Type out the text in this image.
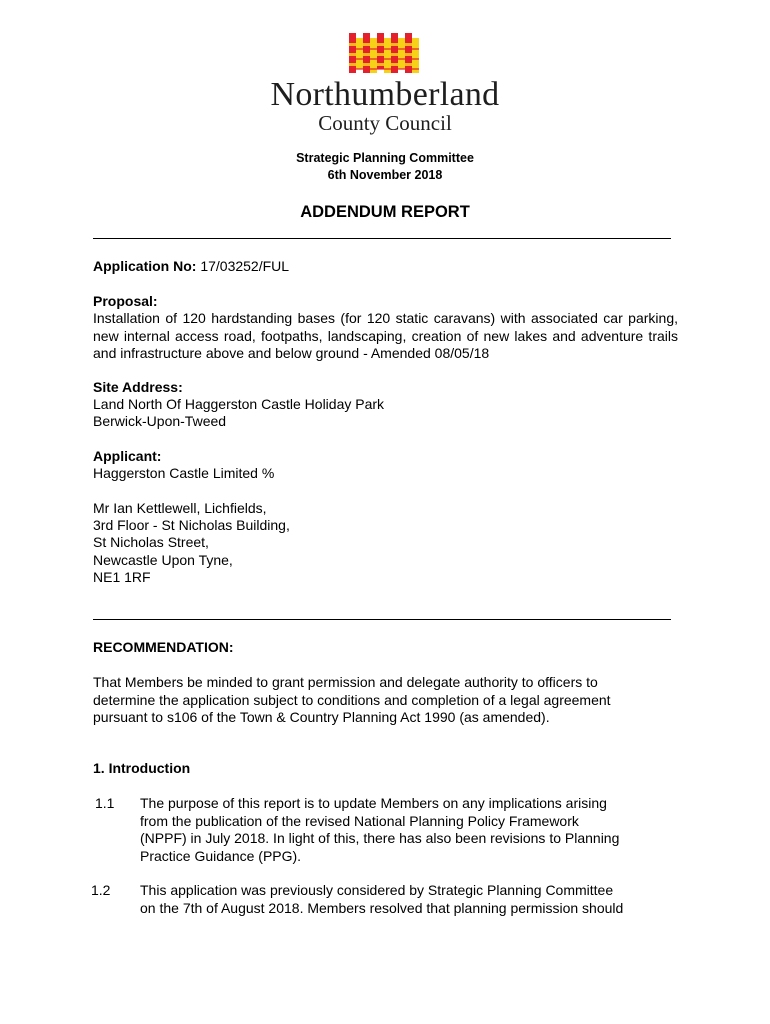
Northumberland
County Council
Strategic Planning Committee
6th November 2018
ADDENDUM REPORT
Application No: 17/03252/FUL
Proposal:
Installation of 120 hardstanding bases (for 120 static caravans) with associated car parking, new internal access road, footpaths, landscaping, creation of new lakes and adventure trails and infrastructure above and below ground - Amended 08/05/18
Site Address:
Land North Of Haggerston Castle Holiday Park
Berwick-Upon-Tweed
Applicant:
Haggerston Castle Limited %
Mr Ian Kettlewell, Lichfields,
3rd Floor - St Nicholas Building,
St Nicholas Street,
Newcastle Upon Tyne,
NE1 1RF
RECOMMENDATION:
That Members be minded to grant permission and delegate authority to officers to
determine the application subject to conditions and completion of a legal agreement
pursuant to s106 of the Town & Country Planning Act 1990 (as amended).
1. Introduction
1.1 The purpose of this report is to update Members on any implications arising
from the publication of the revised National Planning Policy Framework
(NPPF) in July 2018. In light of this, there has also been revisions to Planning
Practice Guidance (PPG).
1.2 This application was previously considered by Strategic Planning Committee
on the 7th of August 2018. Members resolved that planning permission should
